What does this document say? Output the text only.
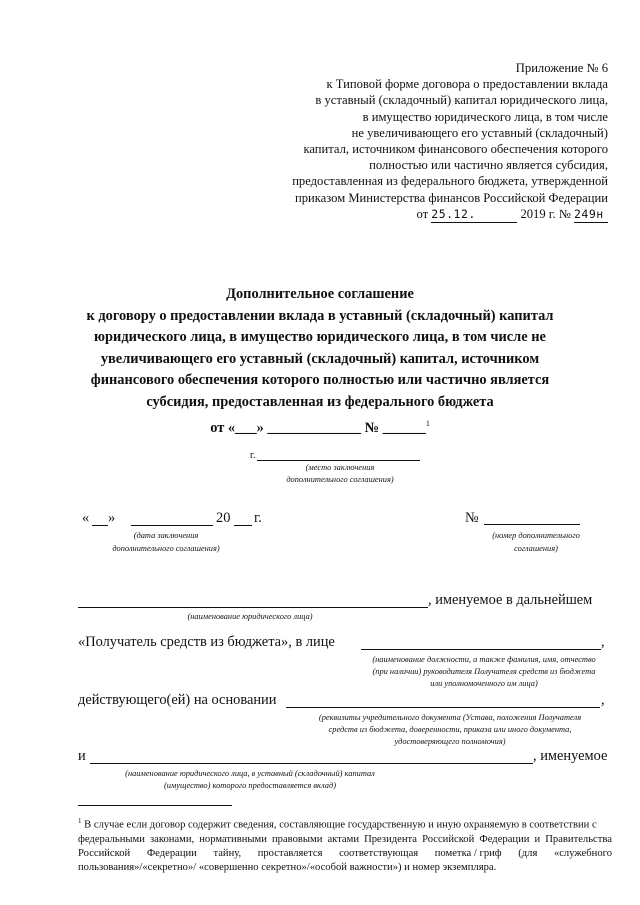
Приложение № 6
к Типовой форме договора о предоставлении вклада
в уставный (складочный) капитал юридического лица,
в имущество юридического лица, в том числе
не увеличивающего его уставный (складочный)
капитал, источником финансового обеспечения которого
полностью или частично является субсидия,
предоставленная из федерального бюджета, утвержденной
приказом Министерства финансов Российской Федерации
от 25.12.	2019 г. № 249н
Дополнительное соглашение
к договору о предоставлении вклада в уставный (складочный) капитал
юридического лица, в имущество юридического лица, в том числе не
увеличивающего его уставный (складочный) капитал, источником
финансового обеспечения которого полностью или частично является
субсидия, предоставленная из федерального бюджета
от «___» _____________ № ______$^1$
г.
(место заключения
дополнительного соглашения)
« »	20 г.
(дата заключения
дополнительного соглашения)
№
(номер дополнительного
соглашения)
, именуемое в дальнейшем
(наименование юридического лица)
«Получатель средств из бюджета», в лице	,
(наименование должности, а также фамилия, имя, отчество
(при наличии) руководителя Получателя средств из бюджета
или уполномоченного им лица)
действующего(ей) на основании	,
(реквизиты учредительного документа (Устава, положения Получателя
средств из бюджета, доверенности, приказа или иного документа,
удостоверяющего полномочия)
и	, именуемое
(наименование юридического лица, в уставный (складочный) капитал
(имущество) которого предоставляется вклад)
$^1$ В случае если договор содержит сведения, составляющие государственную и иную охраняемую в соответствии с
федеральными законами, нормативными правовыми актами Президента Российской Федерации и Правительства
Российской Федерации тайну, проставляется соответствующая пометка / гриф (для «служебного
пользования»/«секретно»/ «совершенно секретно»/«особой важности») и номер экземпляра.
